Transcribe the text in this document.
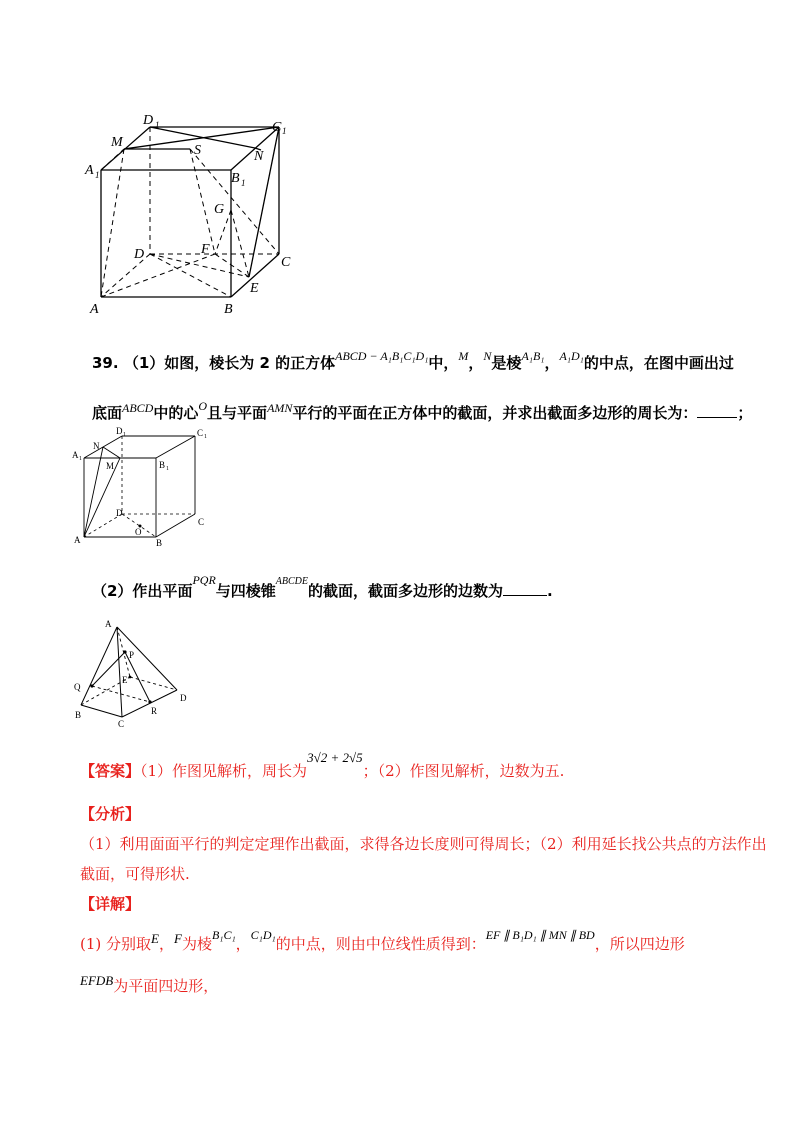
D 1	C 1
A 1	B 1
M
N
S
G
F
D
C
E
A	B
39. （1）如图，棱长为 2 的正方体$^{ABCD - A_1B_1C_1D_1}$中，$^M$，$^N$是棱$^{A_1B_1}$，$^{A_1D_1}$的中点，在图中画出过
底面$^{ABCD}$中的心$^O$且与平面$^{AMN}$平行的平面在正方体中的截面，并求出截面多边形的周长为：	；
D 1	C 1
A 1
B 1
N
M
D
O
C
A	B
（2）作出平面$^{PQR}$与四棱锥$^{ABCDE}$的截面，截面多边形的边数为	.
A
P
E
Q
D
B	R
C
【答案】（1）作图见解析，周长为$^{3√2 + 2√5}$；（2）作图见解析，边数为五.
【分析】
（1）利用面面平行的判定定理作出截面，求得各边长度则可得周长；（2）利用延长找公共点的方法作出
截面，可得形状.
【详解】
(1) 分别取$^E$，$^F$为棱$^{B_1C_1}$，$^{C_1D_1}$的中点，则由中位线性质得到：$^{EF \parallel B_1D_1 \parallel MN \parallel BD}$，所以四边形
$^{EFDB}$为平面四边形，
